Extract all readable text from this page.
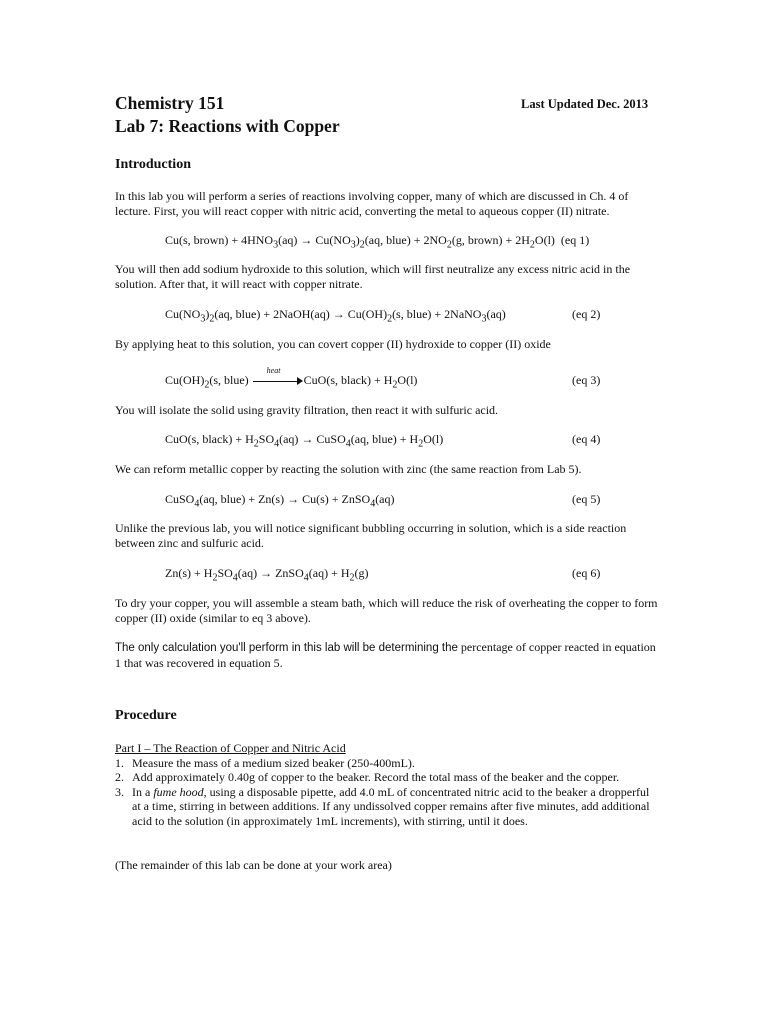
Chemistry 151
Lab 7: Reactions with Copper
Last Updated Dec. 2013
Introduction
In this lab you will perform a series of reactions involving copper, many of which are discussed in Ch. 4 of lecture. First, you will react copper with nitric acid, converting the metal to aqueous copper (II) nitrate.
Cu(s, brown) + $4HNO_3(aq) \to Cu(NO_3)_2(aq$, blue) + $2NO_2(g$, brown) + $2H_2O(l)$  (eq 1)
You will then add sodium hydroxide to this solution, which will first neutralize any excess nitric acid in the solution. After that, it will react with copper nitrate.
$Cu(NO_3)_2(aq$, blue) + 2NaOH(aq) → $Cu(OH)_2(s$, blue) + 2NaNO$_3$(aq)	(eq 2)
By applying heat to this solution, you can covert copper (II) hydroxide to copper (II) oxide
$Cu(OH)_2(s$, blue)
heat
CuO(s, black) + $H_2O(l)$	(eq 3)
You will isolate the solid using gravity filtration, then react it with sulfuric acid.
CuO(s, black) + $H_2SO_4(aq)$ → CuSO$_4$(aq, blue) + $H_2O(l)$	(eq 4)
We can reform metallic copper by reacting the solution with zinc (the same reaction from Lab 5).
CuSO$_4$(aq, blue) + Zn(s) → Cu(s) + ZnSO$_4$(aq)	(eq 5)
Unlike the previous lab, you will notice significant bubbling occurring in solution, which is a side reaction between zinc and sulfuric acid.
$Zn(s) + H_2SO_4(aq)$ → ZnSO$_4$(aq) + $H_2(g)$	(eq 6)
To dry your copper, you will assemble a steam bath, which will reduce the risk of overheating the copper to form copper (II) oxide (similar to eq 3 above).
The only calculation you'll perform in this lab will be determining the percentage of copper reacted in equation 1 that was recovered in equation 5.
Procedure
Part I – The Reaction of Copper and Nitric Acid
1. Measure the mass of a medium sized beaker (250-400mL).
2. Add approximately 0.40g of copper to the beaker. Record the total mass of the beaker and the copper.
3. In a fume hood, using a disposable pipette, add 4.0 mL of concentrated nitric acid to the beaker a dropperful at a time, stirring in between additions. If any undissolved copper remains after five minutes, add additional acid to the solution (in approximately 1mL increments), with stirring, until it does.
(The remainder of this lab can be done at your work area)
